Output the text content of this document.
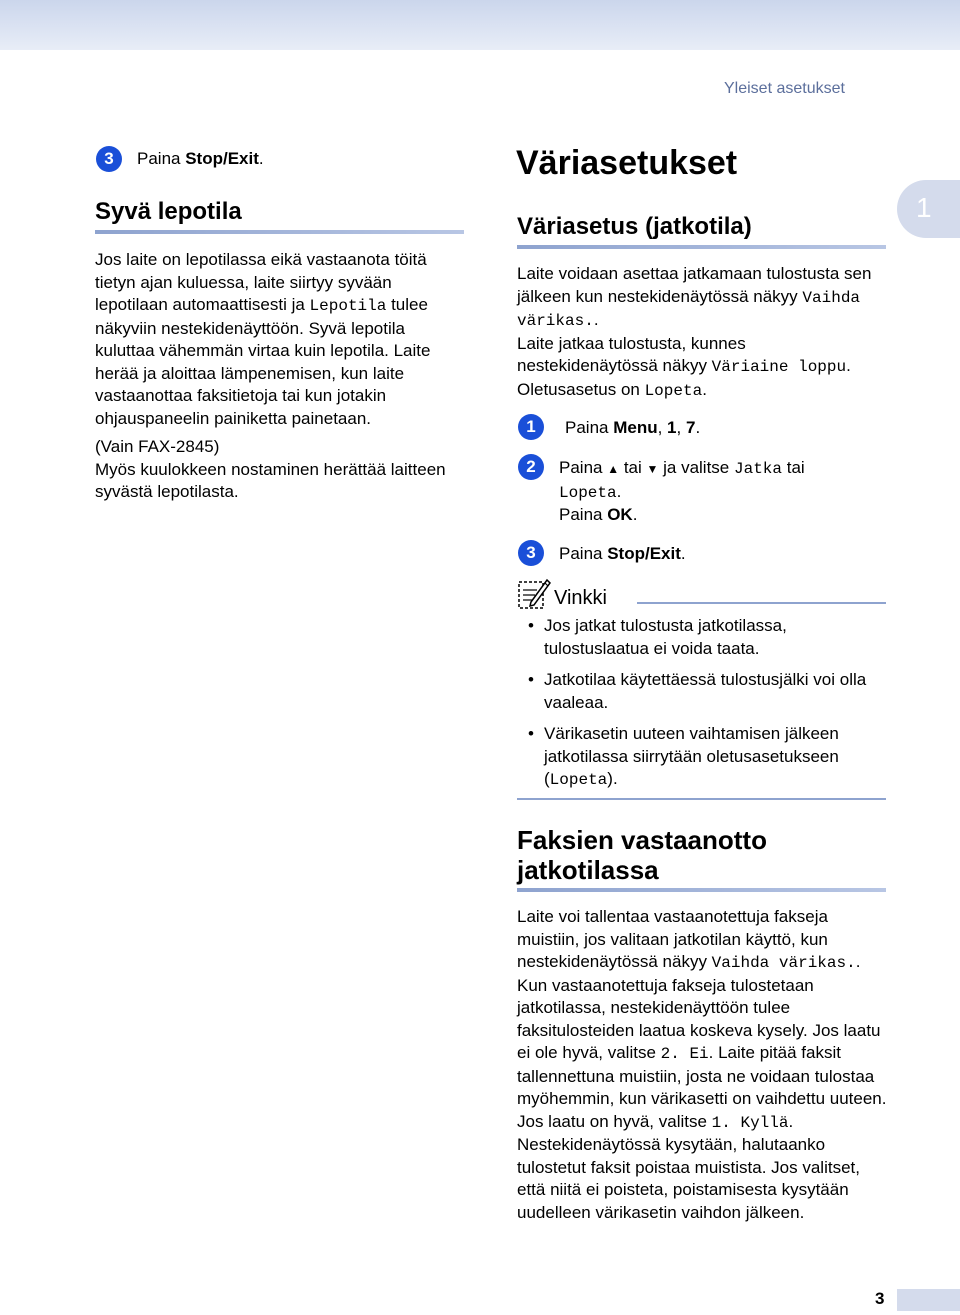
Yleiset asetukset
1
3	Paina Stop/Exit.
Syvä lepotila
Jos laite on lepotilassa eikä vastaanota töitä tietyn ajan kuluessa, laite siirtyy syvään lepotilaan automaattisesti ja Lepotila tulee näkyviin nestekidenäyttöön. Syvä lepotila kuluttaa vähemmän virtaa kuin lepotila. Laite herää ja aloittaa lämpenemisen, kun laite vastaanottaa faksitietoja tai kun jotakin ohjauspaneelin painiketta painetaan.
(Vain FAX-2845)
Myös kuulokkeen nostaminen herättää laitteen syvästä lepotilasta.
Väriasetukset
Väriasetus (jatkotila)
Laite voidaan asettaa jatkamaan tulostusta sen jälkeen kun nestekidenäytössä näkyy Vaihda värikas..
Laite jatkaa tulostusta, kunnes nestekidenäytössä näkyy Väriaine loppu.
Oletusasetus on Lopeta.
1	Paina Menu, 1, 7.
2	Paina ▲ tai ▼ ja valitse Jatka tai
Lopeta.
Paina OK.
3	Paina Stop/Exit.
Vinkki
• Jos jatkat tulostusta jatkotilassa, tulostuslaatua ei voida taata.
• Jatkotilaa käytettäessä tulostusjälki voi olla vaaleaa.
• Värikasetin uuteen vaihtamisen jälkeen jatkotilassa siirrytään oletusasetukseen (Lopeta).
Faksien vastaanotto
jatkotilassa
Laite voi tallentaa vastaanotettuja fakseja muistiin, jos valitaan jatkotilan käyttö, kun nestekidenäytössä näkyy Vaihda värikas.. Kun vastaanotettuja fakseja tulostetaan jatkotilassa, nestekidenäyttöön tulee faksitulosteiden laatua koskeva kysely. Jos laatu ei ole hyvä, valitse 2. Ei. Laite pitää faksit tallennettuna muistiin, josta ne voidaan tulostaa myöhemmin, kun värikasetti on vaihdettu uuteen. Jos laatu on hyvä, valitse 1. Kyllä. Nestekidenäytössä kysytään, halutaanko tulostetut faksit poistaa muistista. Jos valitset, että niitä ei poisteta, poistamisesta kysytään uudelleen värikasetin vaihdon jälkeen.
3
